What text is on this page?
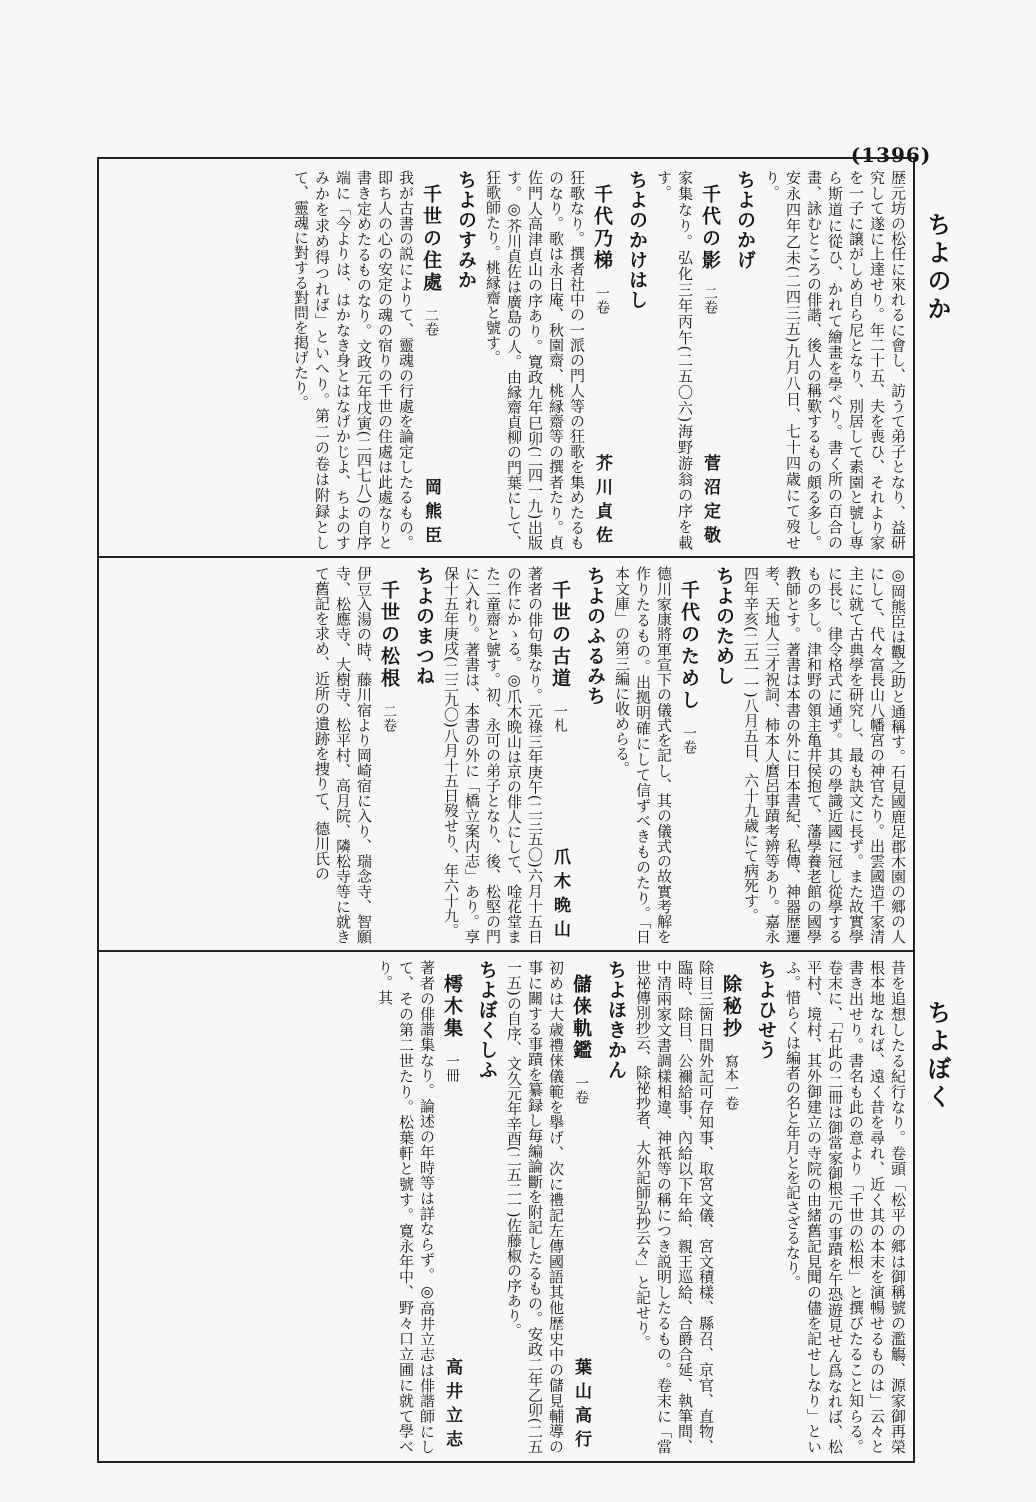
(1396)
ちよのか
ちよぼく
歴元坊の松任に來れるに會し、訪うて弟子となり、益研究して遂に上達せり。年二十五、夫を喪ひ、それより家を一子に譲がしめ自ら尼となり、別居して素園と號し専ら斯道に從ひ、かれて繪畫を學べり。書く所の百合の畫、詠むところの俳諧、後人の稱歎するもの頗る多し。安永四年乙未(二四三五)九月八日、七十四歳にて歿せり。
ちよのかげ
千代の影
二卷
菅沼定敬
家集なり。弘化三年丙午(二五〇六)海野游翁の序を載す。
ちよのかけはし
千代乃梯
一卷
芥川貞佐
狂歌なり。撰者社中の一派の門人等の狂歌を集めたるものなり。歌は永日庵、秋園齋、桃縁齋等の撰者たり。貞佐門人高津貞山の序あり。寛政九年巳卯(二四一九)出版す。◎芥川貞佐は廣島の人。由縁齋貞柳の門葉にして、狂歌師たり。桃縁齋と號す。
ちよのすみか
千世の住處
二卷
岡熊臣
我が古書の説によりて、靈魂の行處を論定したるもの。即ち人の心の安定の魂の宿りの千世の住處は此處なりと書き定めたるものなり。文政元年戊寅(二四七八)の自序端に「今よりは、はかなき身とはなげかじよ、ちよのすみかを求め得つれば」といへり。第二の卷は附録として、靈魂に對する對問を掲げたり。
◎岡熊臣は觀之助と通稱す。石見國鹿足郡木園の郷の人にして、代々富長山八幡宮の神官たり。出雲國造千家清主に就て古典學を研究し、最も訣文に長ず。また故實學に長じ、律令格式に通ず。其の學識近國に冠し從學するもの多し。津和野の領主亀井侯抱て、藩學養老館の國學教師とす。著書は本書の外に日本書紀、私傳、神器歴遷考、天地人三才祝詞、柿本人麿呂事蹟考辨等あり。嘉永四年辛亥(二五一一)八月五日、六十九歳にて病死す。
ちよのためし
千代のためし
一卷
德川家康將軍宣下の儀式を記し、其の儀式の故實考解を作りたるもの。出拠明確にして信ずべきものたり。「日本文庫」の第三編に收めらる。
ちよのふるみち
千世の古道
一札
爪木晩山
著者の俳句集なり。元祿三年庚午(二三五〇)六月十五日の作にかゝる。◎爪木晩山は京の俳人にして、唫花堂また二童齋と號す。初、永可の弟子となり、後、松堅の門に入れり。著書は、本書の外に「橋立案内志」あり。享保十五年庚戌(二三九〇)八月十五日歿せり、年六十九。
ちよのまつね
千世の松根
二卷
伊豆入湯の時、藤川宿より岡崎宿に入り、瑞念寺、智願寺、松應寺、大樹寺、松平村、高月院、隣松寺等に就きて舊記を求め、近所の遺跡を捜りて、德川氏の
昔を追想したる紀行なり。卷頭「松平の郷は御稱號の濫觴、源家御再榮根本地なれば、遠く昔を尋れ、近く其の本末を演暢せるものは」云々と書き出せり。書名も此の意より「千世の松根」と撰びたること知らる。卷末に、「右此の二冊は御當家御根元の事蹟を午恐遊見せん爲なれば、松平村、境村、其外御建立の寺院の由緒舊記見聞の儘を記せしなり」といふ。惜らくは編者の名と年月とを記さざるなり。
ちよひせう
除秘抄
寫本一卷
除目三箇日間外記可存知事、取宮文儀、宮文積樣、縣召、京官、直物、臨時、除目、公禰給事、內給以下年給、親王巡給、合爵合延、執筆間、中清兩家文書調樣相違、神祇等の稱につき説明したるもの。卷末に「當世祕傳別抄云、除祕抄者、大外記師弘抄云々」と記せり。
ちよほきかん
儲俫軌鑑
一卷
葉山高行
初めは大歳禮俫儀範を擧げ、次に禮記左傳國語其他歴史中の儲見輔導の事に關する事蹟を纂録し毎編論斷を附記したるもの。安政二年乙卯(二五一五)の自序、文久元年辛酉(二五二一)佐藤椒の序あり。
ちよぼくしふ
樗木集
一冊
高井立志
著者の俳諧集なり。論述の年時等は詳ならず。◎高井立志は俳諧師にして、その第二世たり。松葉軒と號す。寛永年中、野々口立圃に就て學べり。其
